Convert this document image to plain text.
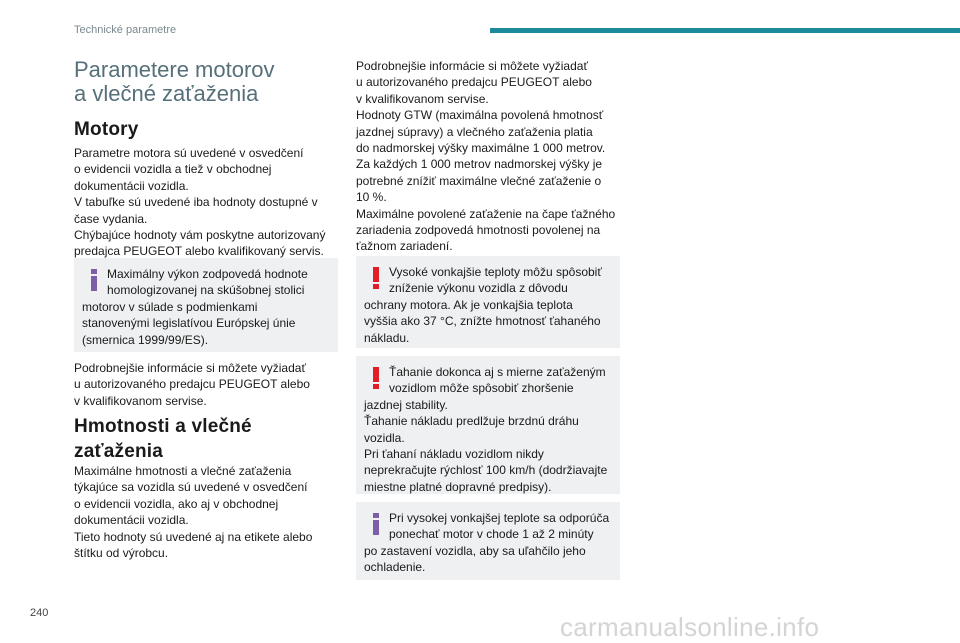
Technické parametre
Parametere motorov
a vlečné zaťaženia
Motory

Parametre motora sú uvedené v osvedčení
o evidencii vozidla a tiež v obchodnej
dokumentácii vozidla.
V tabuľke sú uvedené iba hodnoty dostupné v
čase vydania.
Chýbajúce hodnoty vám poskytne autorizovaný
predajca PEUGEOT alebo kvalifikovaný servis.

Maximálny výkon zodpovedá hodnote
homologizovanej na skúšobnej stolici
motorov v súlade s podmienkami
stanovenými legislatívou Európskej únie
(smernica 1999/99/ES).

Podrobnejšie informácie si môžete vyžiadať
u autorizovaného predajcu PEUGEOT alebo
v kvalifikovanom servise.

Hmotnosti a vlečné
zaťaženia

Maximálne hmotnosti a vlečné zaťaženia
týkajúce sa vozidla sú uvedené v osvedčení
o evidencii vozidla, ako aj v obchodnej
dokumentácii vozidla.
Tieto hodnoty sú uvedené aj na etikete alebo
štítku od výrobcu.

Podrobnejšie informácie si môžete vyžiadať
u autorizovaného predajcu PEUGEOT alebo
v kvalifikovanom servise.
Hodnoty GTW (maximálna povolená hmotnosť
jazdnej súpravy) a vlečného zaťaženia platia
do nadmorskej výšky maximálne 1 000 metrov.
Za každých 1 000 metrov nadmorskej výšky je
potrebné znížiť maximálne vlečné zaťaženie o
10 %.
Maximálne povolené zaťaženie na čape ťažného
zariadenia zodpovedá hmotnosti povolenej na
ťažnom zariadení.

Vysoké vonkajšie teploty môžu spôsobiť
zníženie výkonu vozidla z dôvodu
ochrany motora. Ak je vonkajšia teplota
vyššia ako 37 °C, znížte hmotnosť ťahaného
nákladu.

Ťahanie dokonca aj s mierne zaťaženým
vozidlom môže spôsobiť zhoršenie
jazdnej stability.
Ťahanie nákladu predlžuje brzdnú dráhu
vozidla.
Pri ťahaní nákladu vozidlom nikdy
neprekračujte rýchlosť 100 km/h (dodržiavajte
miestne platné dopravné predpisy).

Pri vysokej vonkajšej teplote sa odporúča
ponechať motor v chode 1 až 2 minúty
po zastavení vozidla, aby sa uľahčilo jeho
ochladenie.

240	carmanualsonline.info
